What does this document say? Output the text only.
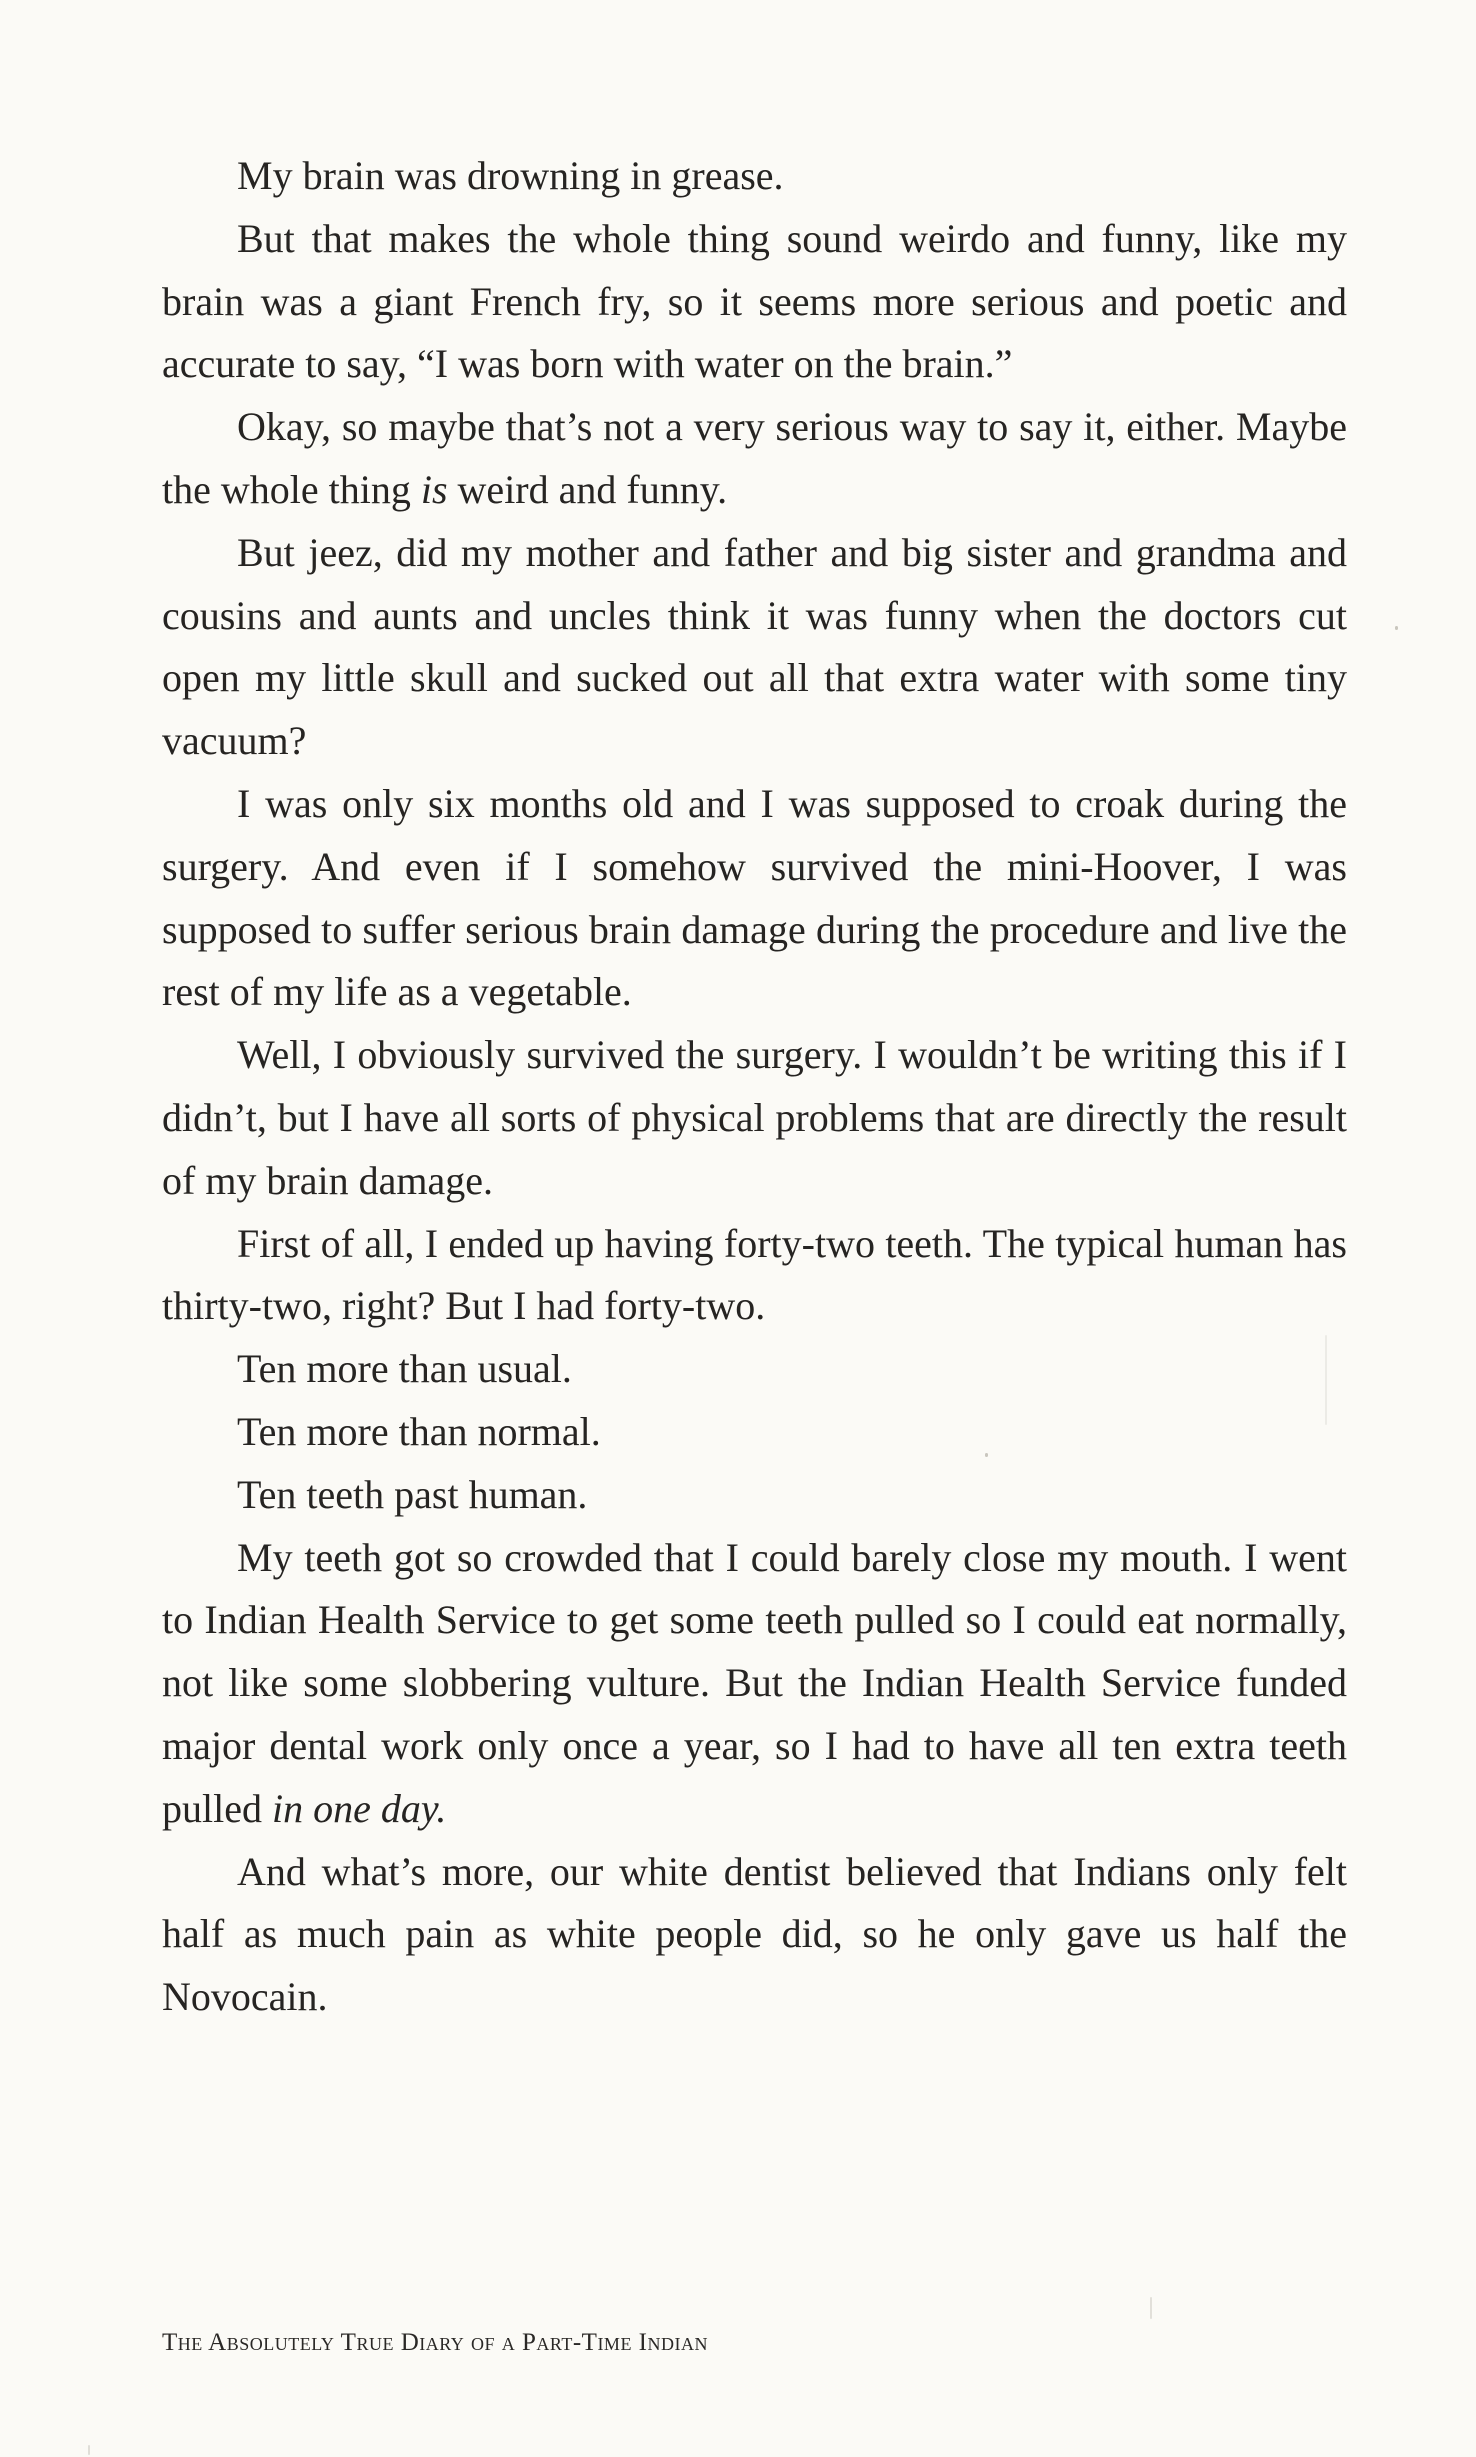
My brain was drowning in grease.

But that makes the whole thing sound weirdo and funny, like my brain was a giant French fry, so it seems more serious and poetic and accurate to say, “I was born with water on the brain.”

Okay, so maybe that’s not a very serious way to say it, either. Maybe the whole thing is weird and funny.

But jeez, did my mother and father and big sister and grandma and cousins and aunts and uncles think it was funny when the doctors cut open my little skull and sucked out all that extra water with some tiny vacuum?

I was only six months old and I was supposed to croak during the surgery. And even if I somehow survived the mini-Hoover, I was supposed to suffer serious brain damage during the procedure and live the rest of my life as a vegetable.

Well, I obviously survived the surgery. I wouldn’t be writing this if I didn’t, but I have all sorts of physical problems that are directly the result of my brain damage.

First of all, I ended up having forty-two teeth. The typical human has thirty-two, right? But I had forty-two.

Ten more than usual.

Ten more than normal.

Ten teeth past human.

My teeth got so crowded that I could barely close my mouth. I went to Indian Health Service to get some teeth pulled so I could eat normally, not like some slobbering vulture. But the Indian Health Service funded major dental work only once a year, so I had to have all ten extra teeth pulled in one day.

And what’s more, our white dentist believed that Indians only felt half as much pain as white people did, so he only gave us half the Novocain.

The Absolutely True Diary of a Part-Time Indian
